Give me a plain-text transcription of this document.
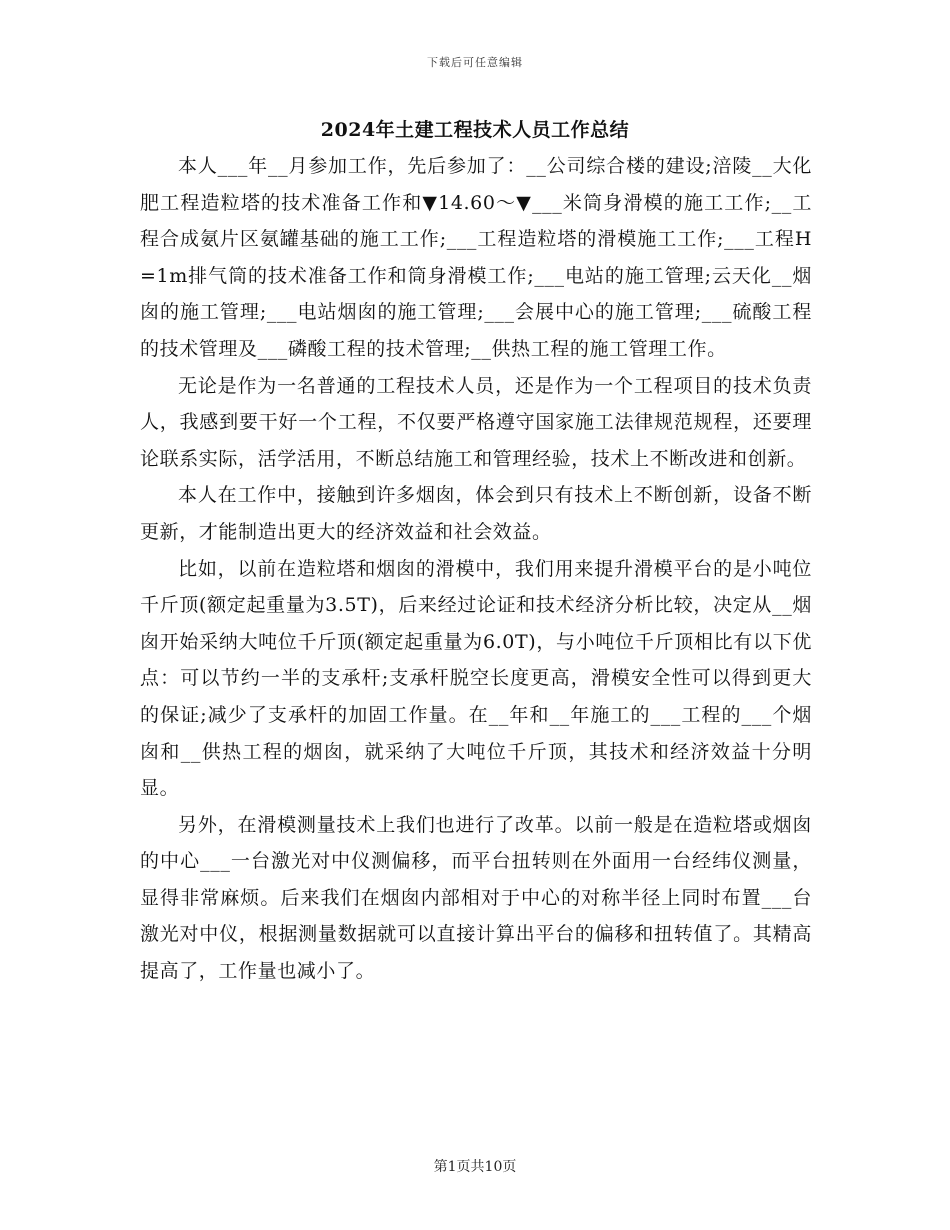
下载后可任意编辑
2024年土建工程技术人员工作总结

本人___年__月参加工作，先后参加了：__公司综合楼的建设;涪陵__大化肥工程造粒塔的技术准备工作和▼14.60～▼___米筒身滑模的施工工作;__工程合成氨片区氨罐基础的施工工作;___工程造粒塔的滑模施工工作;___工程H=1m排气筒的技术准备工作和筒身滑模工作;___电站的施工管理;云天化__烟囱的施工管理;___电站烟囱的施工管理;___会展中心的施工管理;___硫酸工程的技术管理及___磷酸工程的技术管理;__供热工程的施工管理工作。

无论是作为一名普通的工程技术人员，还是作为一个工程项目的技术负责人，我感到要干好一个工程，不仅要严格遵守国家施工法律规范规程，还要理论联系实际，活学活用，不断总结施工和管理经验，技术上不断改进和创新。

本人在工作中，接触到许多烟囱，体会到只有技术上不断创新，设备不断更新，才能制造出更大的经济效益和社会效益。

比如，以前在造粒塔和烟囱的滑模中，我们用来提升滑模平台的是小吨位千斤顶(额定起重量为3.5T)，后来经过论证和技术经济分析比较，决定从__烟囱开始采纳大吨位千斤顶(额定起重量为6.0T)，与小吨位千斤顶相比有以下优点：可以节约一半的支承杆;支承杆脱空长度更高，滑模安全性可以得到更大的保证;减少了支承杆的加固工作量。在__年和__年施工的___工程的___个烟囱和__供热工程的烟囱，就采纳了大吨位千斤顶，其技术和经济效益十分明显。

另外，在滑模测量技术上我们也进行了改革。以前一般是在造粒塔或烟囱的中心___一台激光对中仪测偏移，而平台扭转则在外面用一台经纬仪测量，显得非常麻烦。后来我们在烟囱内部相对于中心的对称半径上同时布置___台激光对中仪，根据测量数据就可以直接计算出平台的偏移和扭转值了。其精高提高了，工作量也减小了。

第1页共10页
